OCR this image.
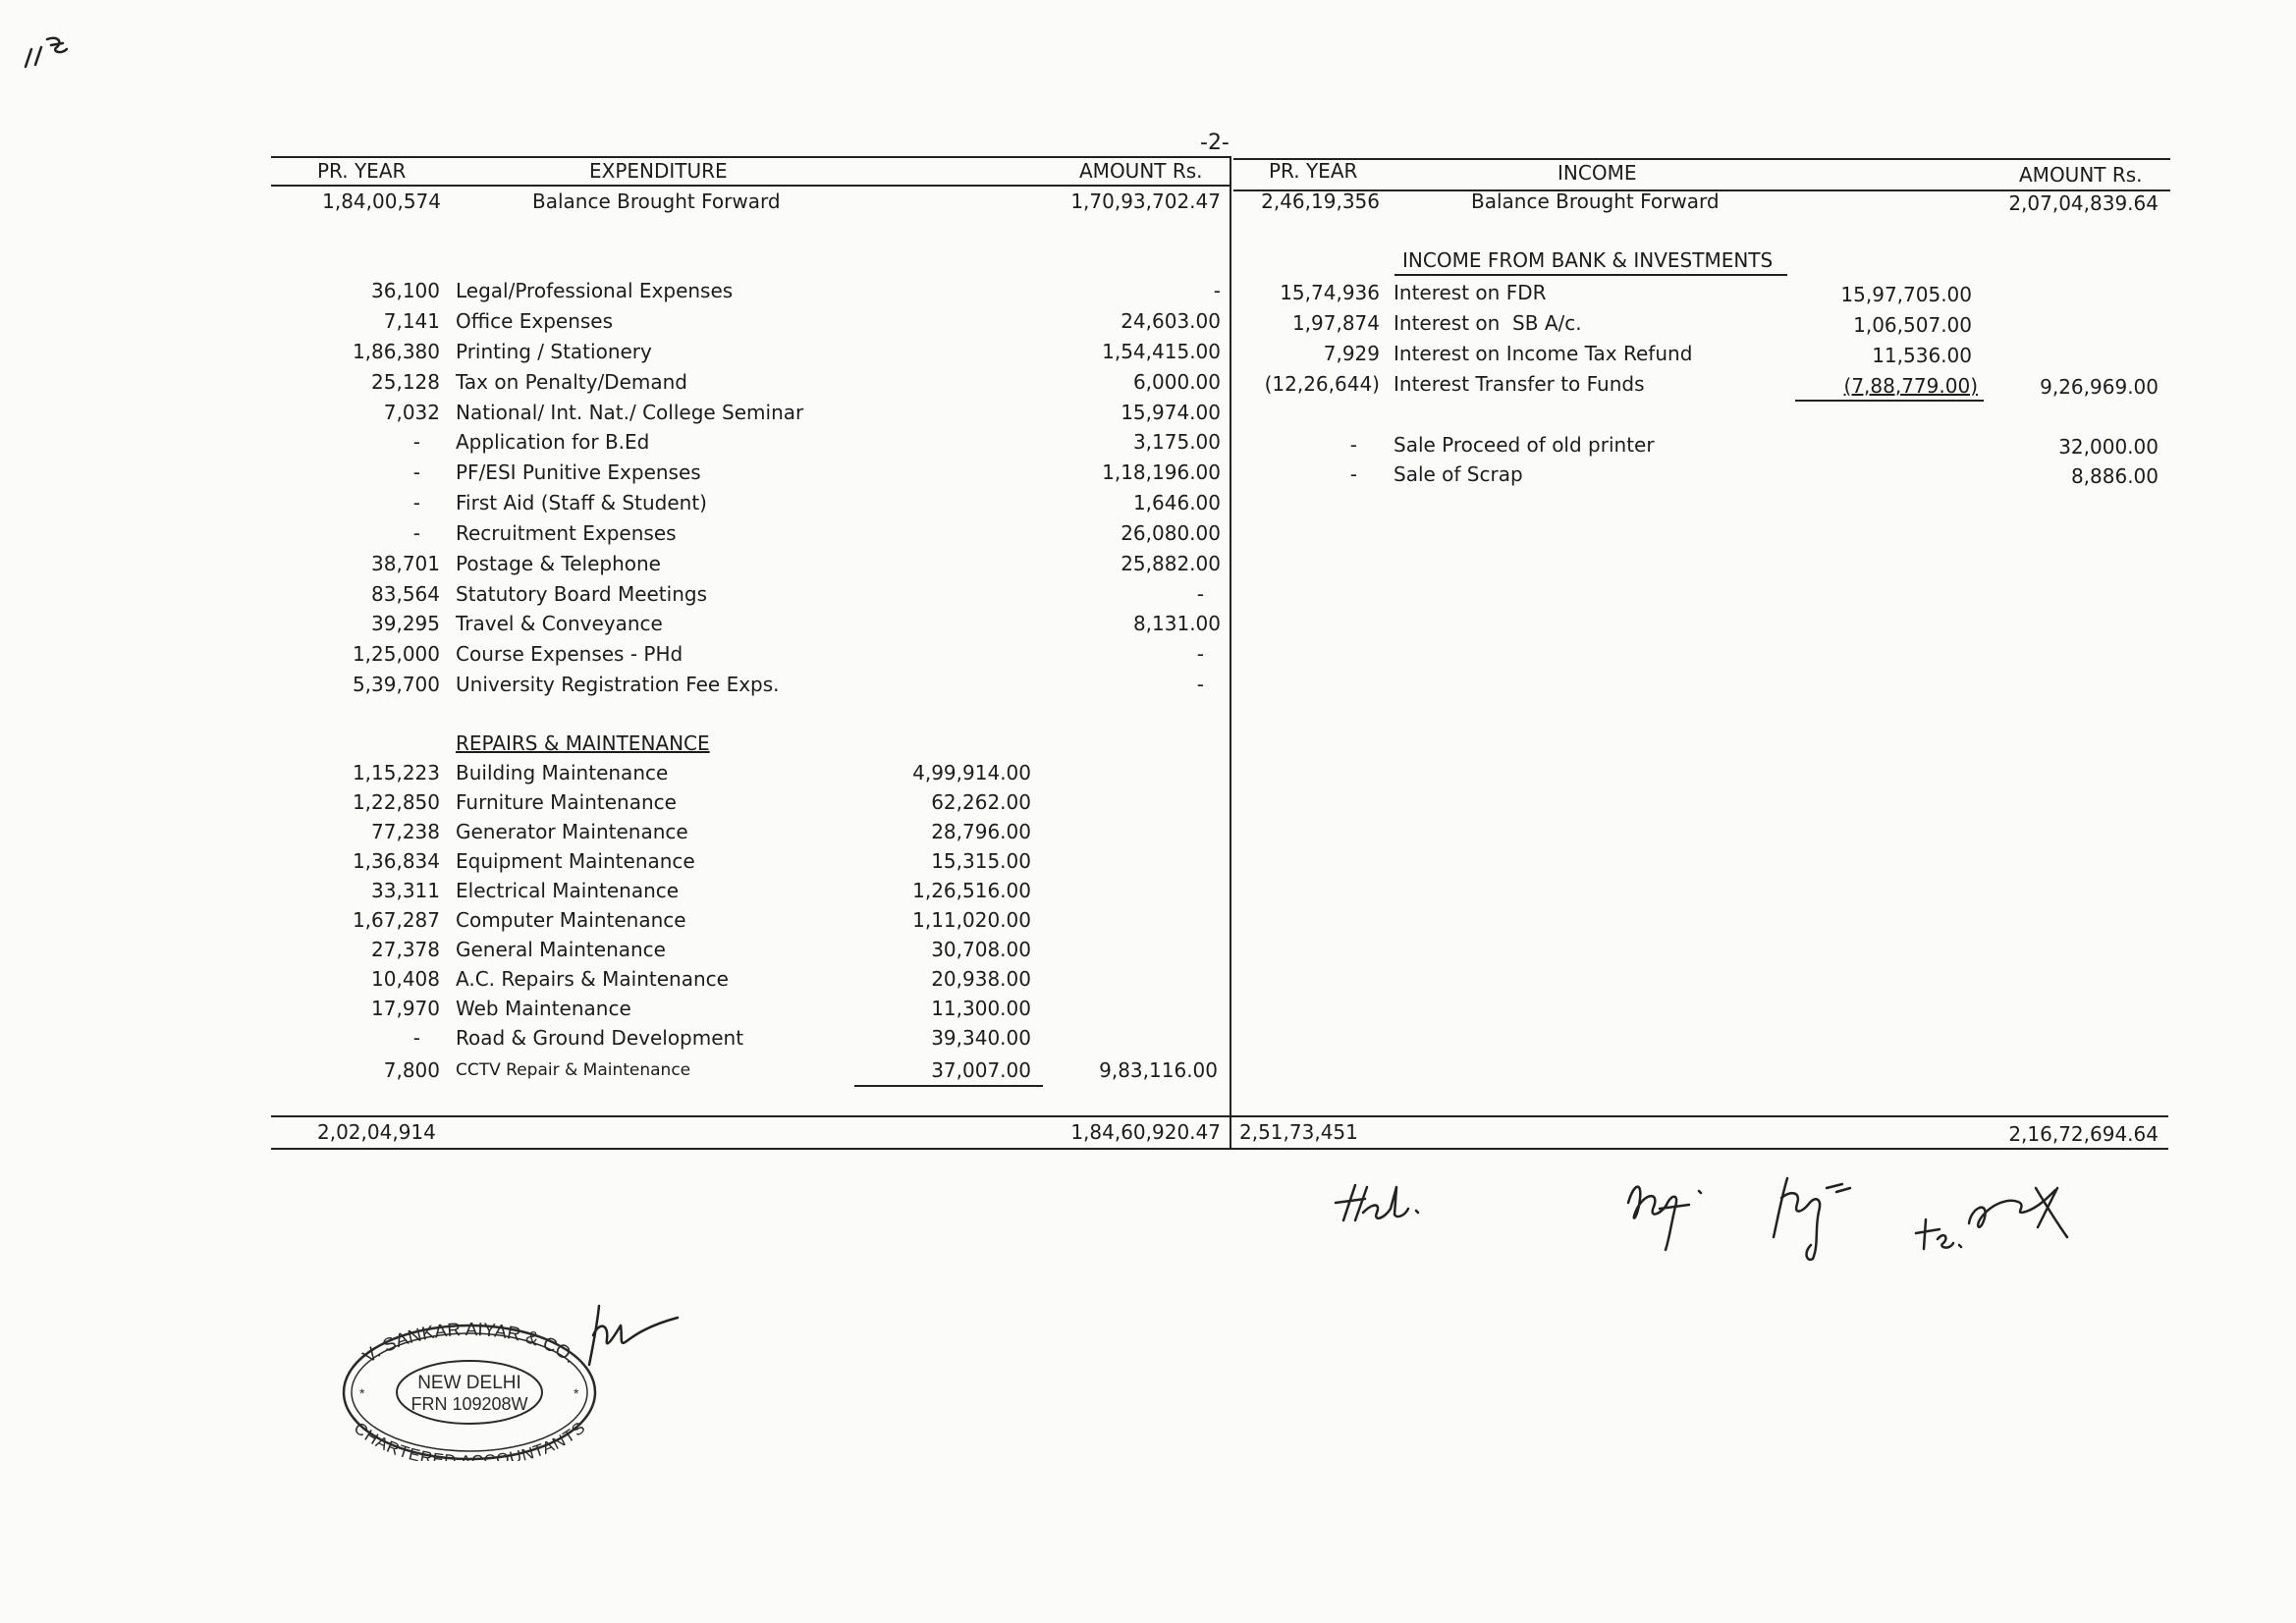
-2-
PR. YEAR	EXPENDITURE	AMOUNT Rs.	PR. YEAR	INCOME	AMOUNT Rs.
1,84,00,574	Balance Brought Forward	1,70,93,702.47
36,100 Legal/Professional Expenses	-
7,141 Office Expenses	24,603.00
1,86,380 Printing / Stationery	1,54,415.00
25,128 Tax on Penalty/Demand	6,000.00
7,032 National/ Int. Nat./ College Seminar	15,974.00
- Application for B.Ed	3,175.00
- PF/ESI Punitive Expenses	1,18,196.00
- First Aid (Staff & Student)	1,646.00
- Recruitment Expenses	26,080.00
38,701 Postage & Telephone	25,882.00
83,564 Statutory Board Meetings	-
39,295 Travel & Conveyance	8,131.00
1,25,000 Course Expenses - PHd	-
5,39,700 University Registration Fee Exps.	-
REPAIRS & MAINTENANCE
1,15,223 Building Maintenance	4,99,914.00
1,22,850 Furniture Maintenance	62,262.00
77,238 Generator Maintenance	28,796.00
1,36,834 Equipment Maintenance	15,315.00
33,311 Electrical Maintenance	1,26,516.00
1,67,287 Computer Maintenance	1,11,020.00
27,378 General Maintenance	30,708.00
10,408 A.C. Repairs & Maintenance	20,938.00
17,970 Web Maintenance	11,300.00
- Road & Ground Development	39,340.00
7,800 CCTV Repair & Maintenance	37,007.00	9,83,116.00
2,02,04,914	1,84,60,920.47
2,46,19,356	Balance Brought Forward	2,07,04,839.64
INCOME FROM BANK & INVESTMENTS
15,74,936 Interest on FDR	15,97,705.00
1,97,874 Interest on  SB A/c.	1,06,507.00
7,929 Interest on Income Tax Refund	11,536.00
(12,26,644) Interest Transfer to Funds	(7,88,779.00)	9,26,969.00
- Sale Proceed of old printer	32,000.00
- Sale of Scrap	8,886.00
2,51,73,451	2,16,72,694.64
V. SANKAR AIYAR & CO.
CHARTERED COUNTANTS
NEW DELHI
FRN 109208W
*	*
